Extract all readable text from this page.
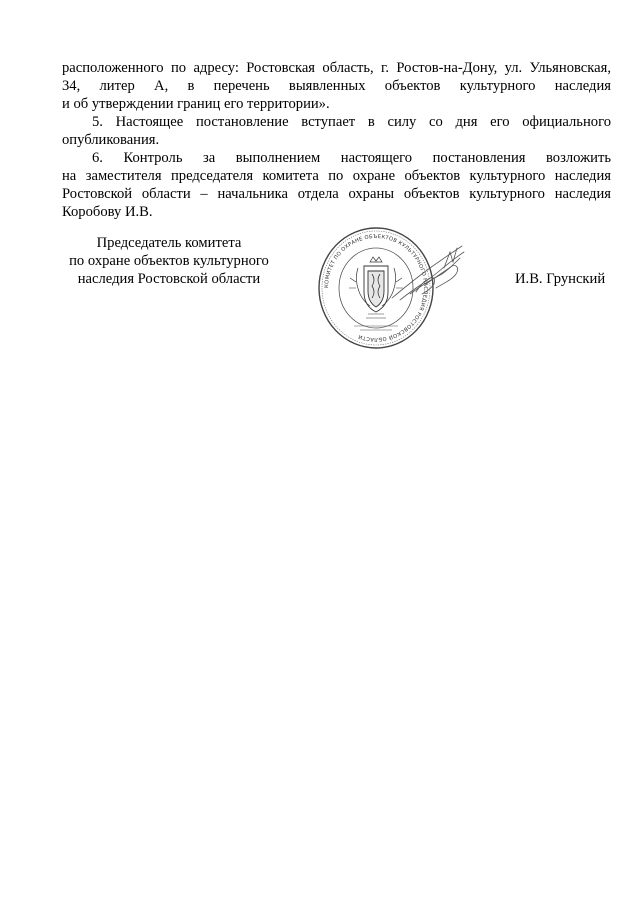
расположенного по адресу: Ростовская область, г. Ростов-на-Дону, ул. Ульяновская,
34, литер А, в перечень выявленных объектов культурного наследия
и об утверждении границ его территории».
5. Настоящее постановление вступает в силу со дня его официального
опубликования.
6. Контроль за выполнением настоящего постановления возложить
на заместителя председателя комитета по охране объектов культурного наследия
Ростовской области – начальника отдела охраны объектов культурного наследия
Коробову И.В.
Председатель комитета
по охране объектов культурного
наследия Ростовской области	КОМИТЕТ ПО ОХРАНЕ ОБЪЕКТОВ КУЛЬТУРНОГО НАСЛЕДИЯ РОСТОВСКОЙ ОБЛАСТИ
И.В. Грунский
